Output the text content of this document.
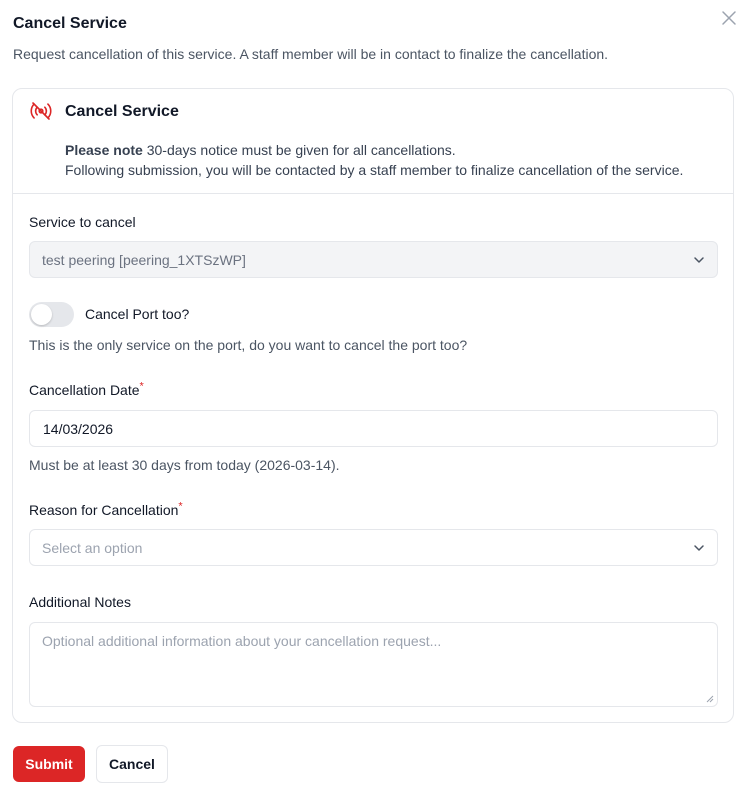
Cancel Service
Request cancellation of this service. A staff member will be in contact to finalize the cancellation.
Cancel Service
Please note 30-days notice must be given for all cancellations.
Following submission, you will be contacted by a staff member to finalize cancellation of the service.
Service to cancel
test peering [peering_1XTSzWP]
Cancel Port too?
This is the only service on the port, do you want to cancel the port too?
Cancellation Date*
14/03/2026
Must be at least 30 days from today (2026-03-14).
Reason for Cancellation*
Select an option
Additional Notes
Optional additional information about your cancellation request...
Submit	Cancel
